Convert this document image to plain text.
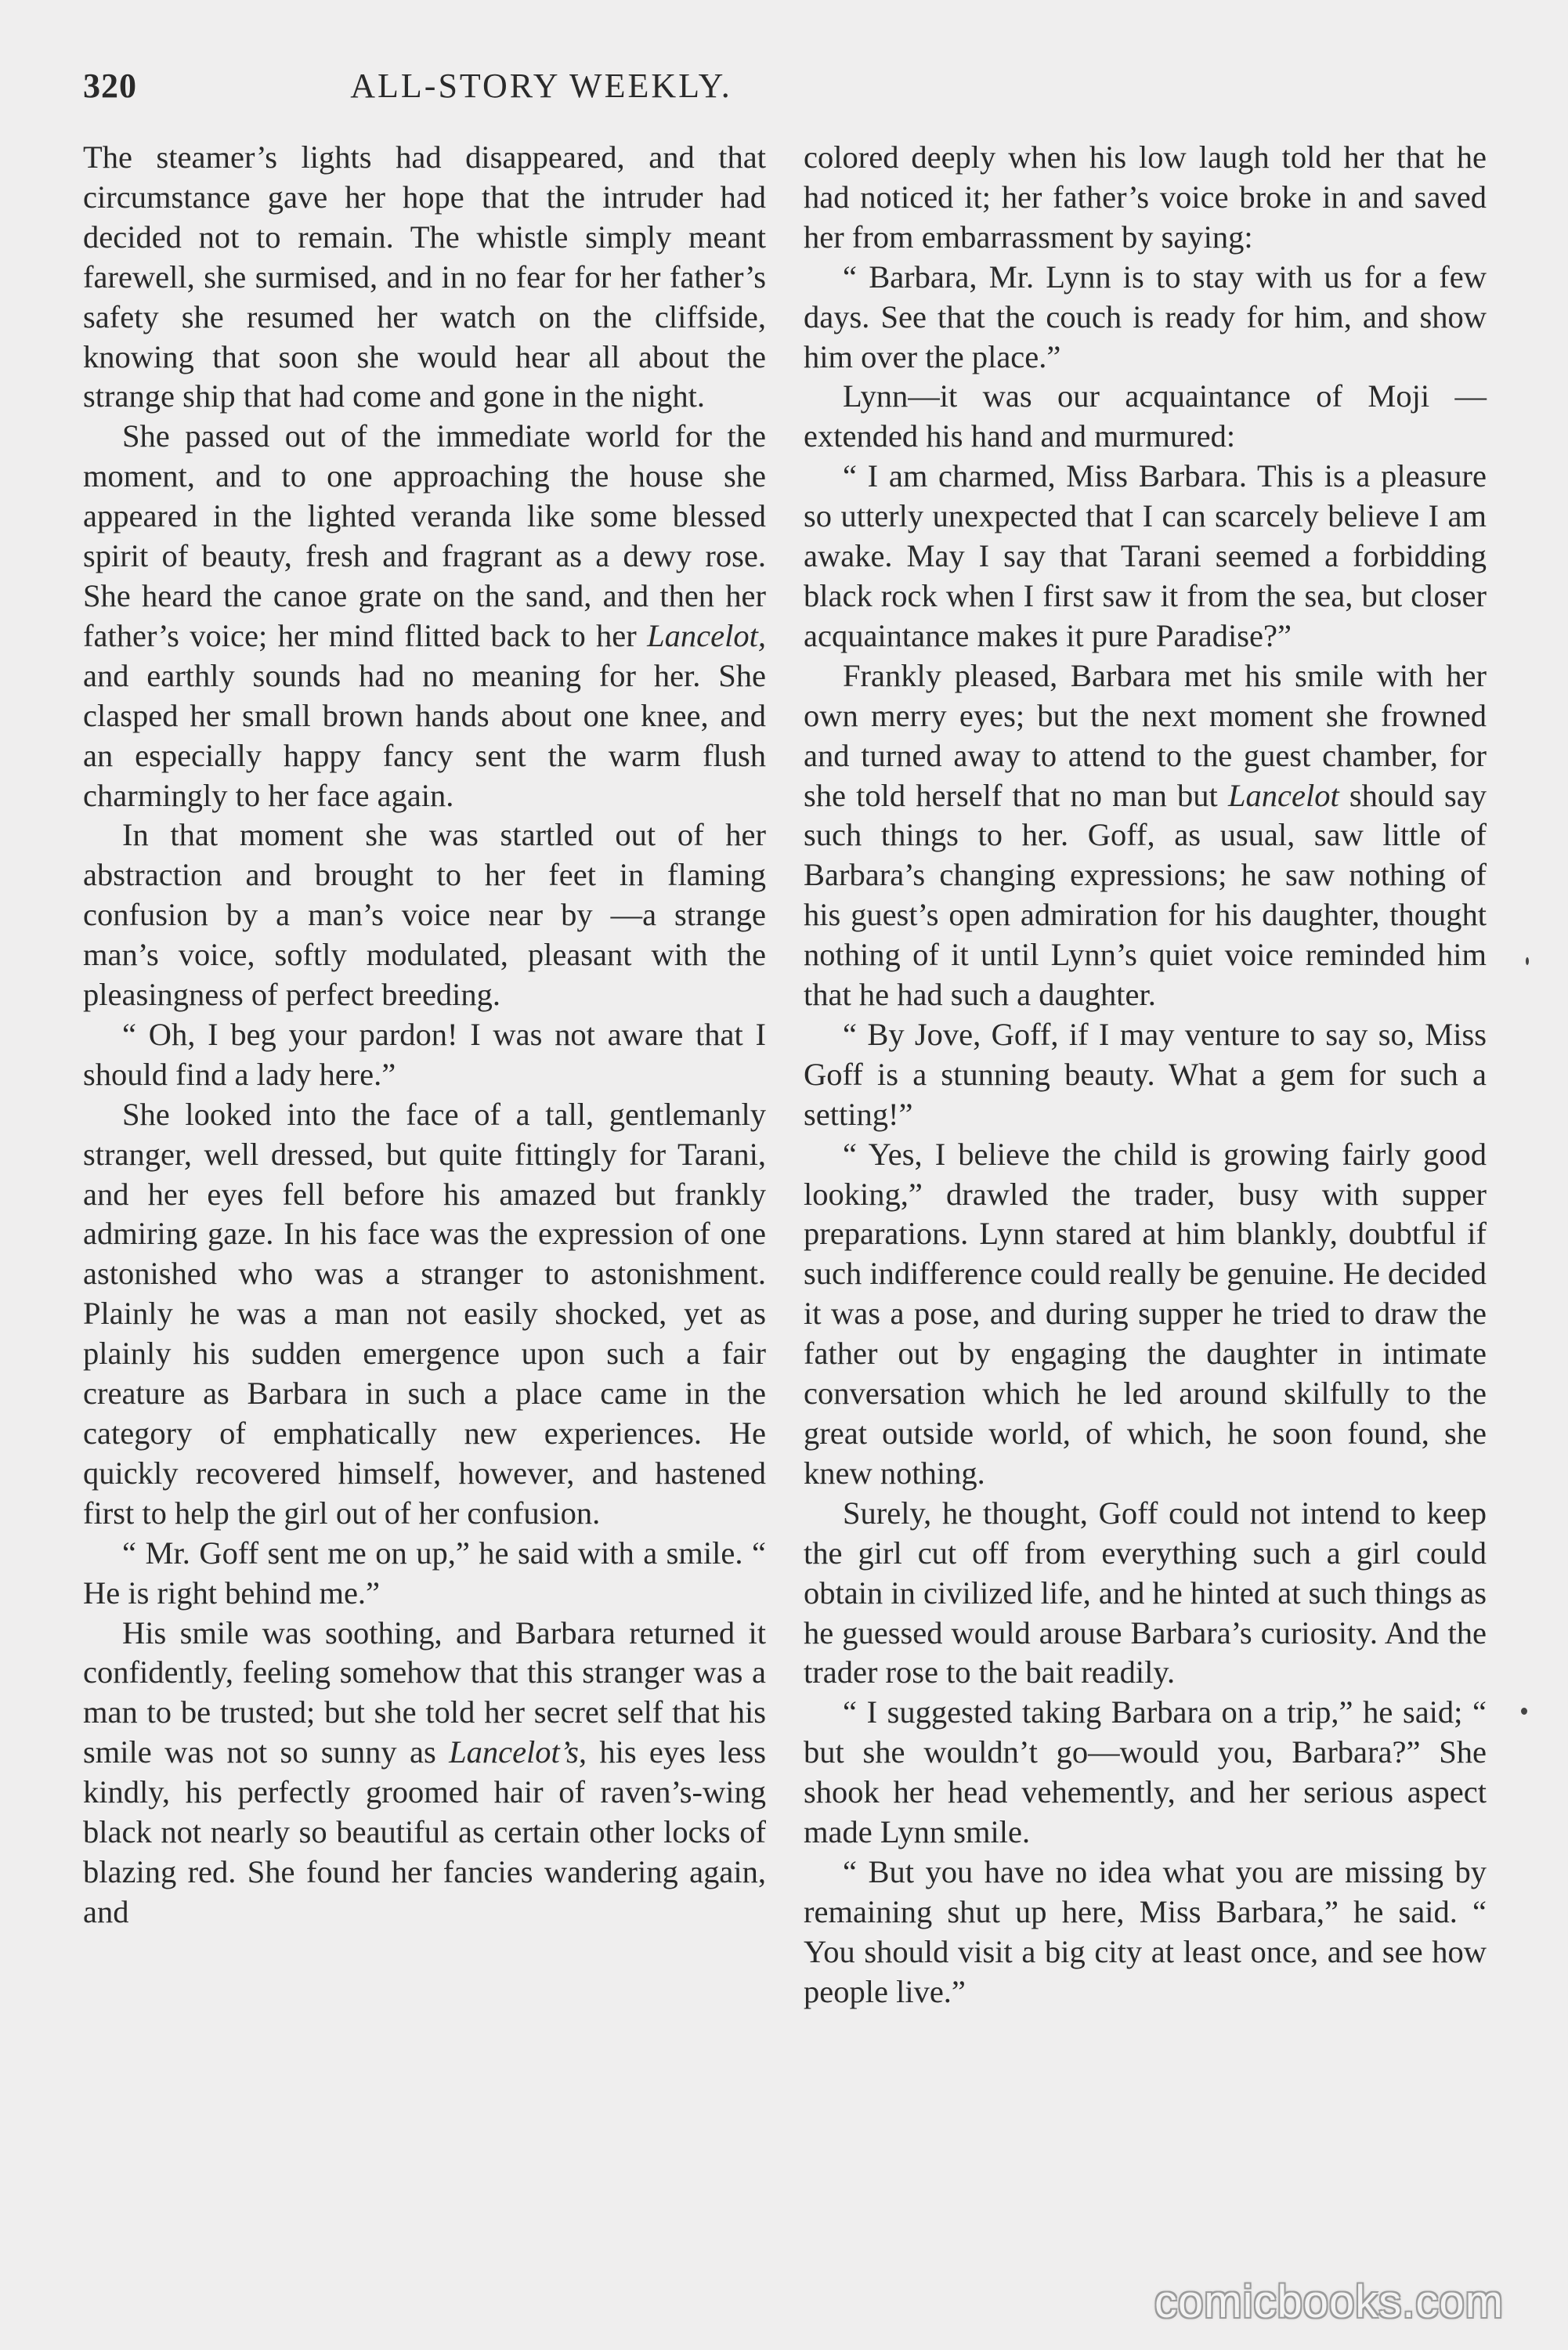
320	ALL-STORY WEEKLY.

The steamer’s lights had disappeared, and that circumstance gave her hope that the intruder had decided not to remain. The whistle simply meant farewell, she surmised, and in no fear for her father’s safety she resumed her watch on the cliffside, knowing that soon she would hear all about the strange ship that had come and gone in the night.

She passed out of the immediate world for the moment, and to one approaching the house she appeared in the lighted veranda like some blessed spirit of beauty, fresh and fragrant as a dewy rose. She heard the canoe grate on the sand, and then her father’s voice; her mind flitted back to her Lancelot, and earthly sounds had no meaning for her. She clasped her small brown hands about one knee, and an especially happy fancy sent the warm flush charmingly to her face again.

In that moment she was startled out of her abstraction and brought to her feet in flaming confusion by a man’s voice near by —a strange man’s voice, softly modulated, pleasant with the pleasingness of perfect breeding.

“ Oh, I beg your pardon! I was not aware that I should find a lady here.”

She looked into the face of a tall, gentlemanly stranger, well dressed, but quite fittingly for Tarani, and her eyes fell before his amazed but frankly admiring gaze. In his face was the expression of one astonished who was a stranger to astonishment. Plainly he was a man not easily shocked, yet as plainly his sudden emergence upon such a fair creature as Barbara in such a place came in the category of emphatically new experiences. He quickly recovered himself, however, and hastened first to help the girl out of her confusion.

“ Mr. Goff sent me on up,” he said with a smile. “ He is right behind me.”

His smile was soothing, and Barbara returned it confidently, feeling somehow that this stranger was a man to be trusted; but she told her secret self that his smile was not so sunny as Lancelot’s, his eyes less kindly, his perfectly groomed hair of raven’s-wing black not nearly so beautiful as certain other locks of blazing red. She found her fancies wandering again, and

colored deeply when his low laugh told her that he had noticed it; her father’s voice broke in and saved her from embarrassment by saying:

“ Barbara, Mr. Lynn is to stay with us for a few days. See that the couch is ready for him, and show him over the place.”

Lynn—it was our acquaintance of Moji —extended his hand and murmured:

“ I am charmed, Miss Barbara. This is a pleasure so utterly unexpected that I can scarcely believe I am awake. May I say that Tarani seemed a forbidding black rock when I first saw it from the sea, but closer acquaintance makes it pure Paradise?”

Frankly pleased, Barbara met his smile with her own merry eyes; but the next moment she frowned and turned away to attend to the guest chamber, for she told herself that no man but Lancelot should say such things to her. Goff, as usual, saw little of Barbara’s changing expressions; he saw nothing of his guest’s open admiration for his daughter, thought nothing of it until Lynn’s quiet voice reminded him that he had such a daughter.

“ By Jove, Goff, if I may venture to say so, Miss Goff is a stunning beauty. What a gem for such a setting!”

“ Yes, I believe the child is growing fairly good looking,” drawled the trader, busy with supper preparations. Lynn stared at him blankly, doubtful if such indifference could really be genuine. He decided it was a pose, and during supper he tried to draw the father out by engaging the daughter in intimate conversation which he led around skilfully to the great outside world, of which, he soon found, she knew nothing.

Surely, he thought, Goff could not intend to keep the girl cut off from everything such a girl could obtain in civilized life, and he hinted at such things as he guessed would arouse Barbara’s curiosity. And the trader rose to the bait readily.

“ I suggested taking Barbara on a trip,” he said; “ but she wouldn’t go—would you, Barbara?” She shook her head vehemently, and her serious aspect made Lynn smile.

“ But you have no idea what you are missing by remaining shut up here, Miss Barbara,” he said. “ You should visit a big city at least once, and see how people live.”

comicbooks.com
